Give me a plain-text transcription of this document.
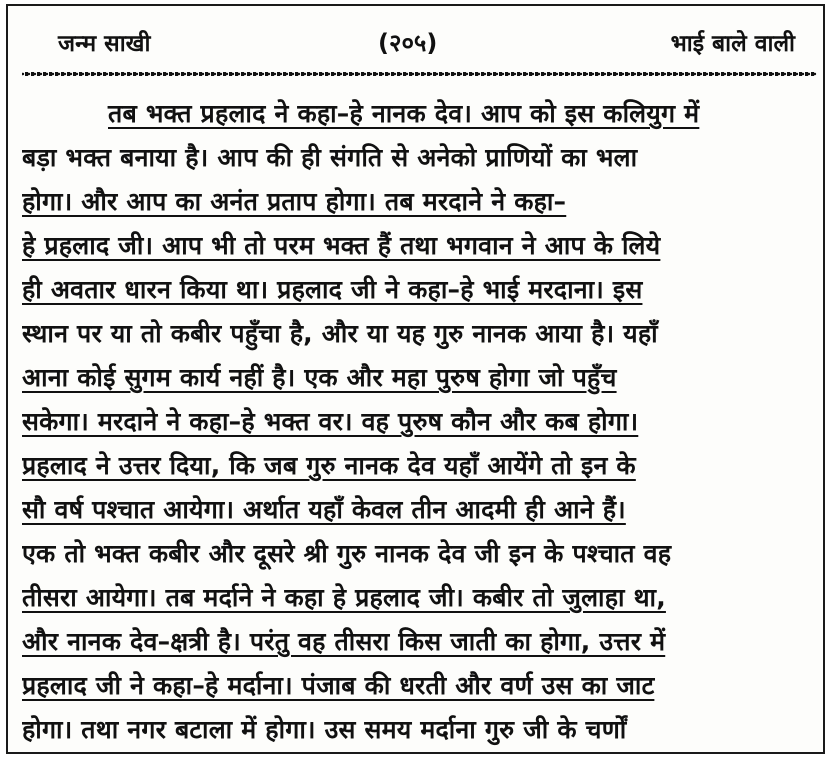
जन्म साखी	(२०५)	भाई बाले वाली
तब भक्त प्रहलाद ने कहा–हे नानक देव। आप को इस कलियुग में
बड़ा भक्त बनाया है। आप की ही संगति से अनेको प्राणियों का भला
होगा। और आप का अनंत प्रताप होगा। तब मरदाने ने कहा–
हे प्रहलाद जी। आप भी तो परम भक्त हैं तथा भगवान ने आप के लिये
ही अवतार धारन किया था। प्रहलाद जी ने कहा–हे भाई मरदाना। इस
स्थान पर या तो कबीर पहुँचा है, और या यह गुरु नानक आया है। यहाँ
आना कोई सुगम कार्य नहीं है। एक और महा पुरुष होगा जो पहुँच
सकेगा। मरदाने ने कहा–हे भक्त वर। वह पुरुष कौन और कब होगा।
प्रहलाद ने उत्तर दिया, कि जब गुरु नानक देव यहाँ आयेंगे तो इन के
सौ वर्ष पश्चात आयेगा। अर्थात यहाँ केवल तीन आदमी ही आने हैं।
एक तो भक्त कबीर और दूसरे श्री गुरु नानक देव जी इन के पश्चात वह
तीसरा आयेगा। तब मर्दाने ने कहा हे प्रहलाद जी। कबीर तो जुलाहा था,
और नानक देव–क्षत्री है। परंतु वह तीसरा किस जाती का होगा, उत्तर में
प्रहलाद जी ने कहा–हे मर्दाना। पंजाब की धरती और वर्ण उस का जाट
होगा। तथा नगर बटाला में होगा। उस समय मर्दाना गुरु जी के चर्णों
